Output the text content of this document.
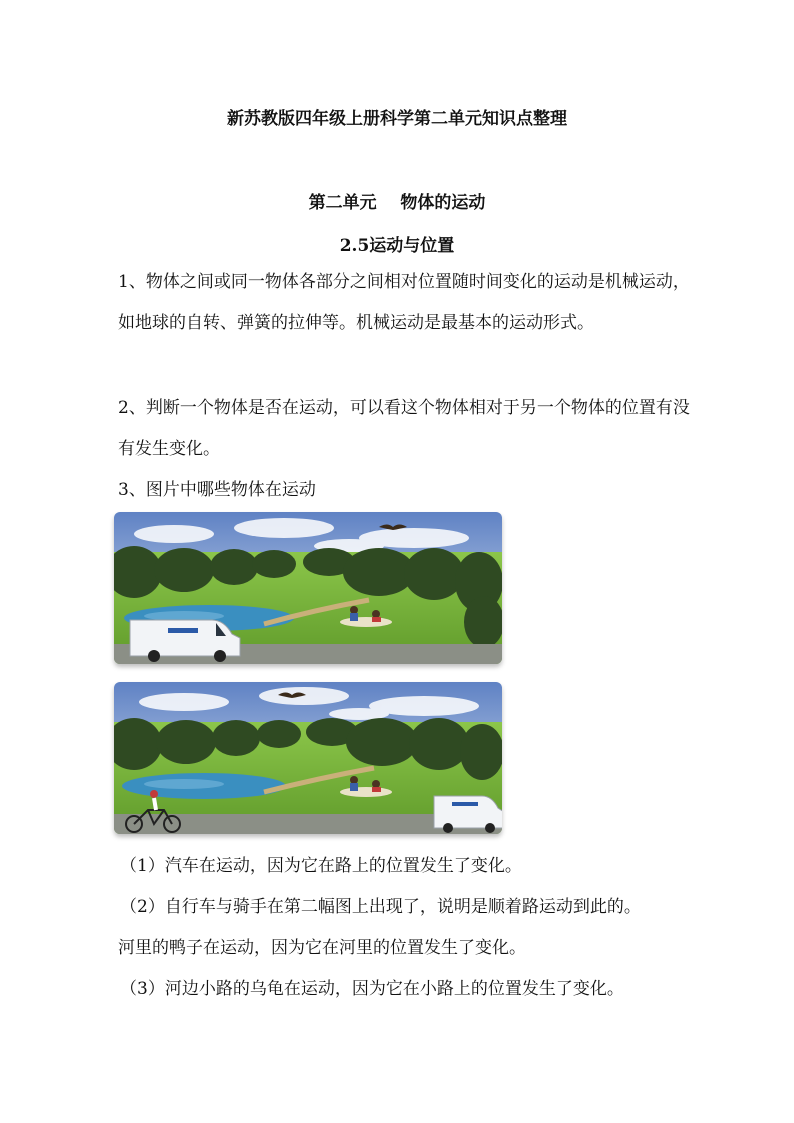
新苏教版四年级上册科学第二单元知识点整理
第二单元    物体的运动
2.5运动与位置

1、物体之间或同一物体各部分之间相对位置随时间变化的运动是机械运动，如地球的自转、弹簧的拉伸等。机械运动是最基本的运动形式。

2、判断一个物体是否在运动，可以看这个物体相对于另一个物体的位置有没有发生变化。

3、图片中哪些物体在运动

（1）汽车在运动，因为它在路上的位置发生了变化。

（2）自行车与骑手在第二幅图上出现了，说明是顺着路运动到此的。

河里的鸭子在运动，因为它在河里的位置发生了变化。

（3）河边小路的乌龟在运动，因为它在小路上的位置发生了变化。
